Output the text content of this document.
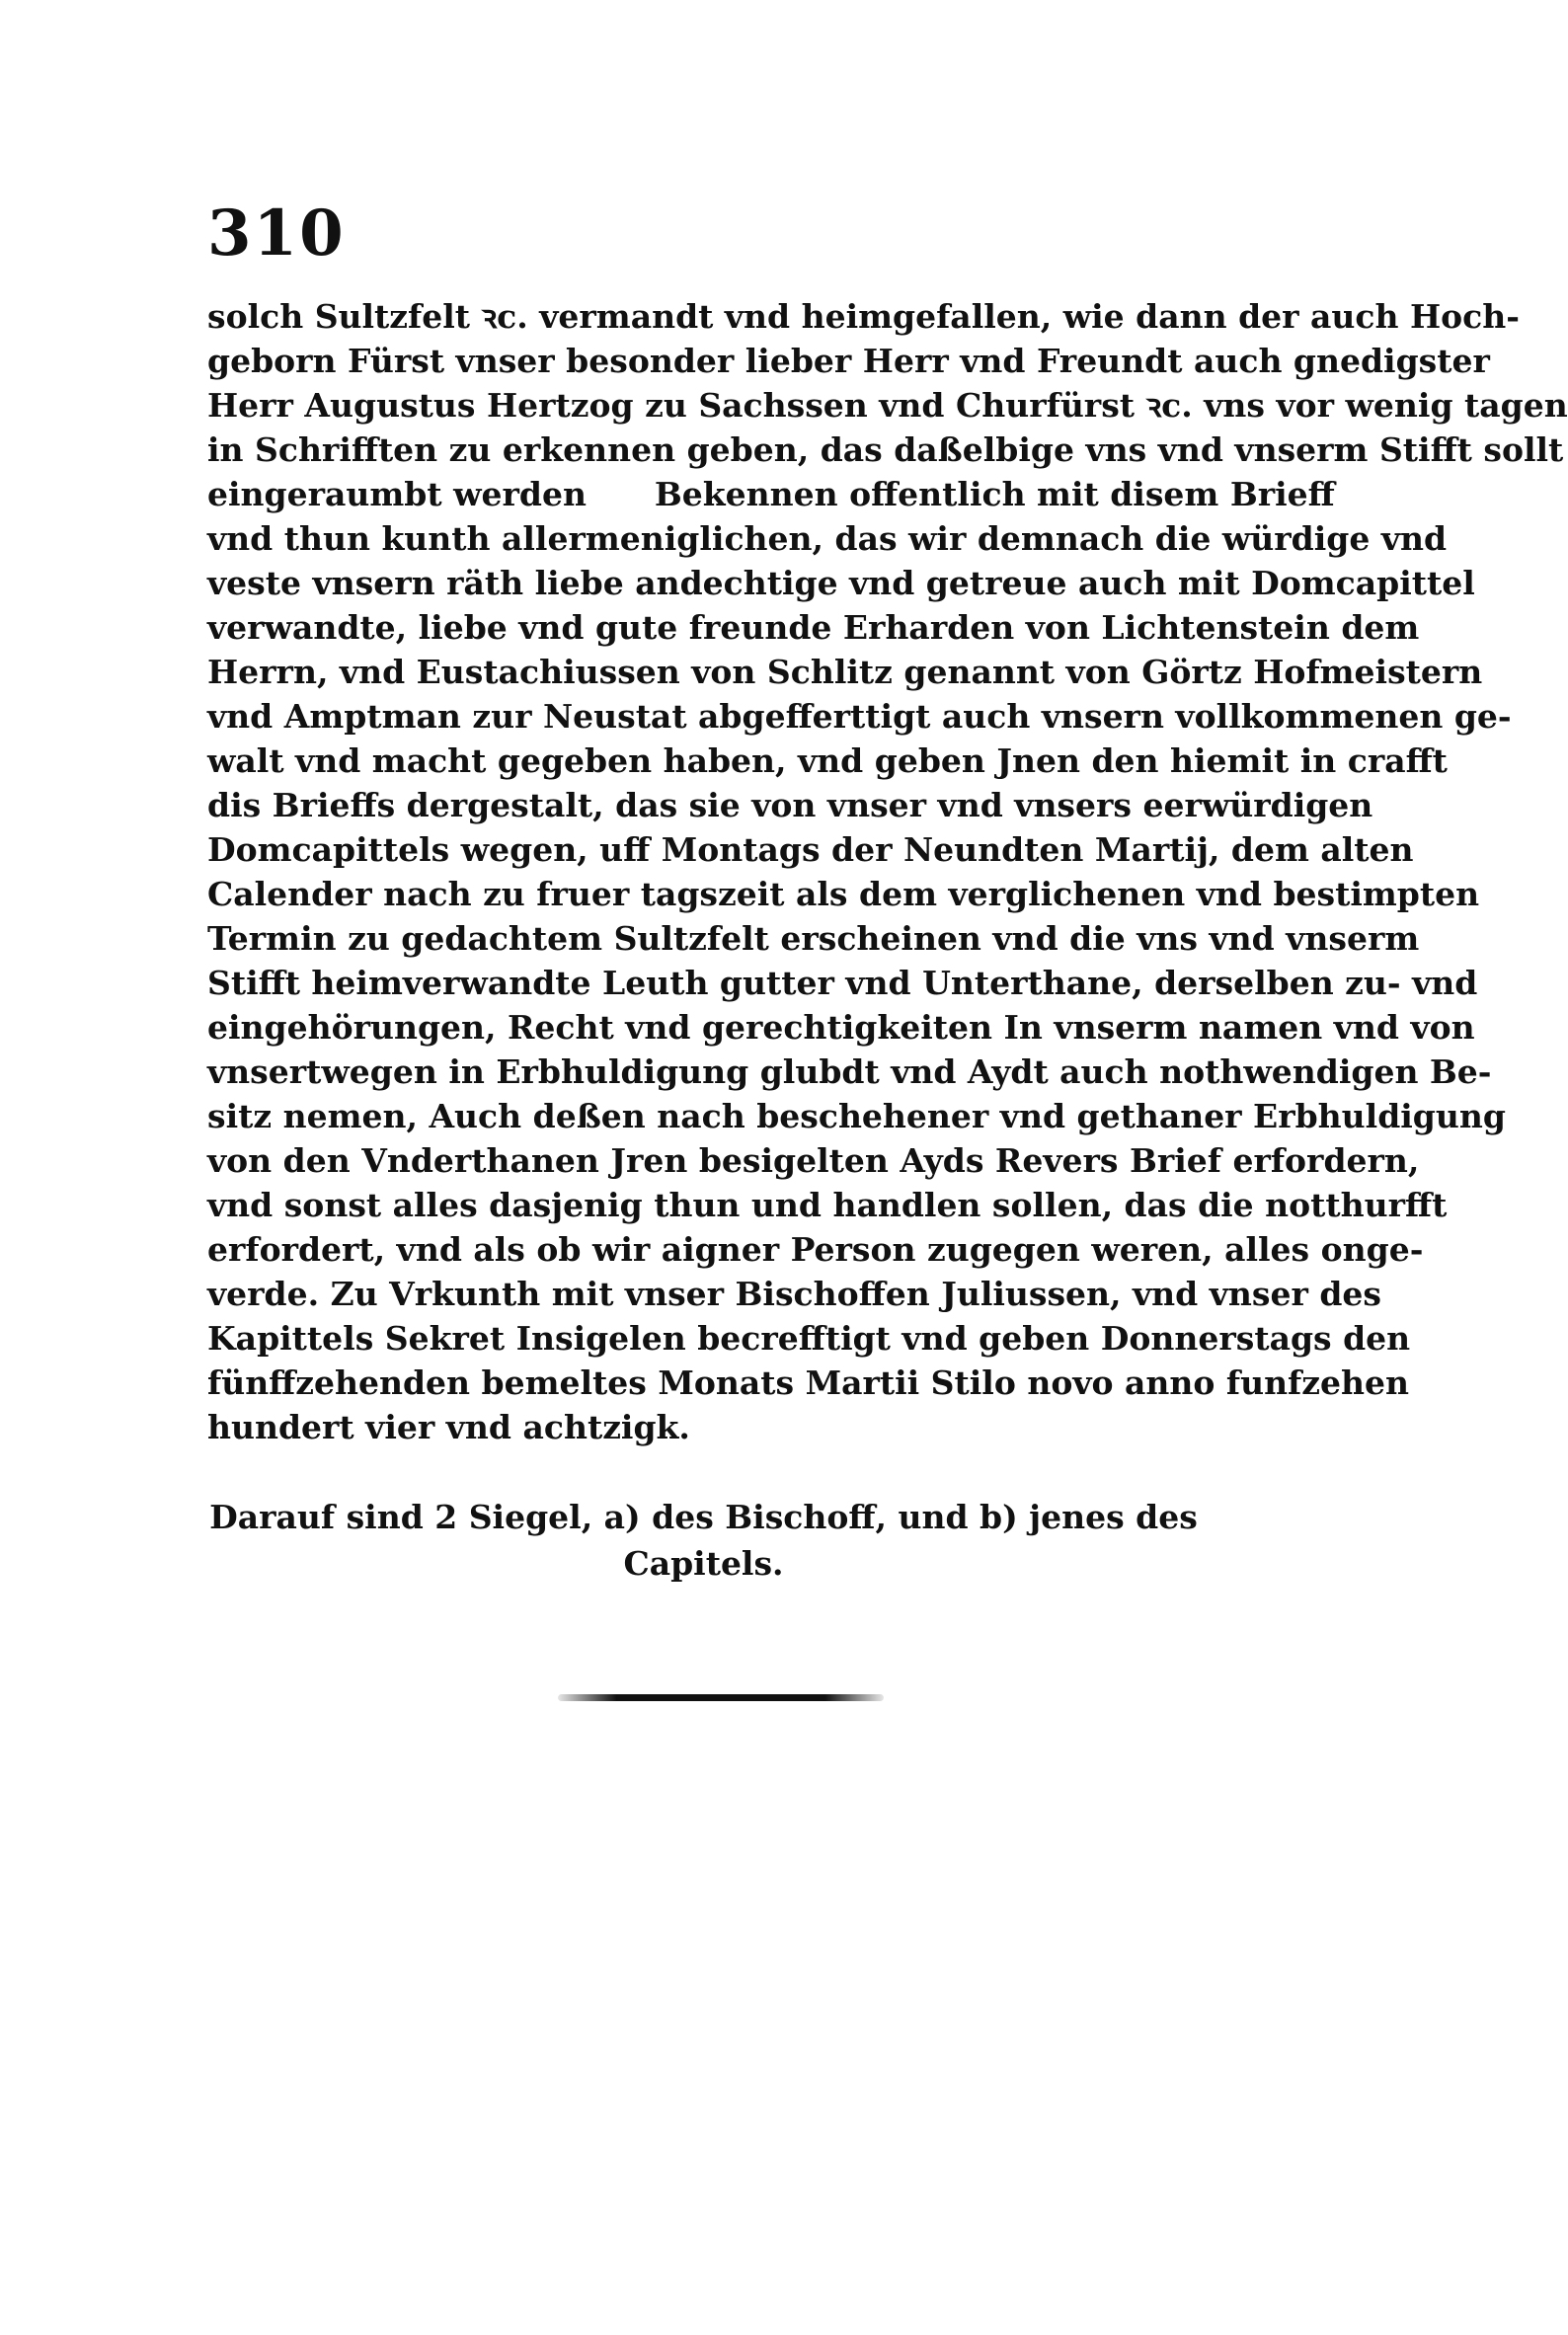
310
solch Sultzfelt ꝛc. vermandt vnd heimgefallen, wie dann der auch Hoch-
geborn Fürst vnser besonder lieber Herr vnd Freundt auch gnedigster
Herr Augustus Hertzog zu Sachssen vnd Churfürst ꝛc. vns vor wenig tagen
in Schrifften zu erkennen geben, das daßelbige vns vnd vnserm Stifft sollt
eingeraumbt werden      Bekennen offentlich mit disem Brieff
vnd thun kunth allermeniglichen, das wir demnach die würdige vnd
veste vnsern räth liebe andechtige vnd getreue auch mit Domcapittel
verwandte, liebe vnd gute freunde Erharden von Lichtenstein dem
Herrn, vnd Eustachiussen von Schlitz genannt von Görtz Hofmeistern
vnd Amptman zur Neustat abgefferttigt auch vnsern vollkommenen ge-
walt vnd macht gegeben haben, vnd geben Jnen den hiemit in crafft
dis Brieffs dergestalt, das sie von vnser vnd vnsers eerwürdigen
Domcapittels wegen, uff Montags der Neundten Martij, dem alten
Calender nach zu fruer tagszeit als dem verglichenen vnd bestimpten
Termin zu gedachtem Sultzfelt erscheinen vnd die vns vnd vnserm
Stifft heimverwandte Leuth gutter vnd Unterthane, derselben zu- vnd
eingehörungen, Recht vnd gerechtigkeiten In vnserm namen vnd von
vnsertwegen in Erbhuldigung glubdt vnd Aydt auch nothwendigen Be-
sitz nemen, Auch deßen nach beschehener vnd gethaner Erbhuldigung
von den Vnderthanen Jren besigelten Ayds Revers Brief erfordern,
vnd sonst alles dasjenig thun und handlen sollen, das die notthurfft
erfordert, vnd als ob wir aigner Person zugegen weren, alles onge-
verde. Zu Vrkunth mit vnser Bischoffen Juliussen, vnd vnser des
Kapittels Sekret Insigelen becrefftigt vnd geben Donnerstags den
fünffzehenden bemeltes Monats Martii Stilo novo anno funfzehen
hundert vier vnd achtzigk.
Darauf sind 2 Siegel, a) des Bischoff, und b) jenes des
Capitels.
